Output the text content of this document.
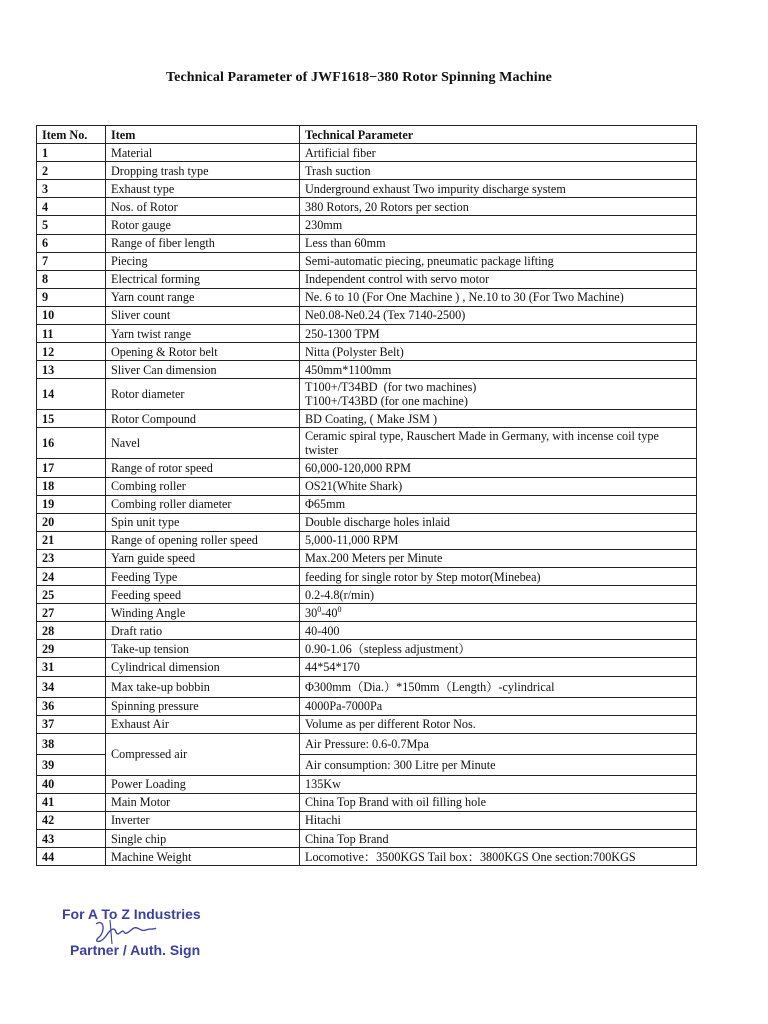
Technical Parameter of JWF1618−380 Rotor Spinning Machine
Item No.	Item	Technical Parameter
1	Material	Artificial fiber
2	Dropping trash type	Trash suction
3	Exhaust type	Underground exhaust Two impurity discharge system
4	Nos. of Rotor	380 Rotors, 20 Rotors per section
5	Rotor gauge	230mm
6	Range of fiber length	Less than 60mm
7	Piecing	Semi-automatic piecing, pneumatic package lifting
8	Electrical forming	Independent control with servo motor
9	Yarn count range	Ne. 6 to 10 (For One Machine ) , Ne.10 to 30 (For Two Machine)
10	Sliver count	Ne0.08-Ne0.24 (Tex 7140-2500)
11	Yarn twist range	250-1300 TPM
12	Opening & Rotor belt	Nitta (Polyster Belt)
13	Sliver Can dimension	450mm*1100mm
14	Rotor diameter	T100+/T34BD  (for two machines)
T100+/T43BD (for one machine)

15	Rotor Compound	BD Coating, ( Make JSM )
16	Navel	Ceramic spiral type, Rauschert Made in Germany, with incense coil type twister
17	Range of rotor speed	60,000-120,000 RPM
18	Combing roller	OS21(White Shark)
19	Combing roller diameter	Φ65mm
20	Spin unit type	Double discharge holes inlaid
21	Range of opening roller speed	5,000-11,000 RPM
23	Yarn guide speed	Max.200 Meters per Minute
24	Feeding Type	feeding for single rotor by Step motor(Minebea)
25	Feeding speed	0.2-4.8(r/min)
27	Winding Angle	$30^0-40^0$
28	Draft ratio	40-400
29	Take-up tension	0.90-1.06（stepless adjustment）
31	Cylindrical dimension	44*54*170
34	Max take-up bobbin	Φ300mm（Dia.）*150mm（Length）-cylindrical
36	Spinning pressure	4000Pa-7000Pa
37	Exhaust Air	Volume as per different Rotor Nos.
38	Compressed air	Air Pressure: 0.6-0.7Mpa
39		Air consumption: 300 Litre per Minute
40	Power Loading	135Kw
41	Main Motor	China Top Brand with oil filling hole
42	Inverter	Hitachi
43	Single chip	China Top Brand
44	Machine Weight	Locomotive：3500KGS Tail box：3800KGS One section:700KGS
For A To Z Industries
Partner / Auth. Sign
